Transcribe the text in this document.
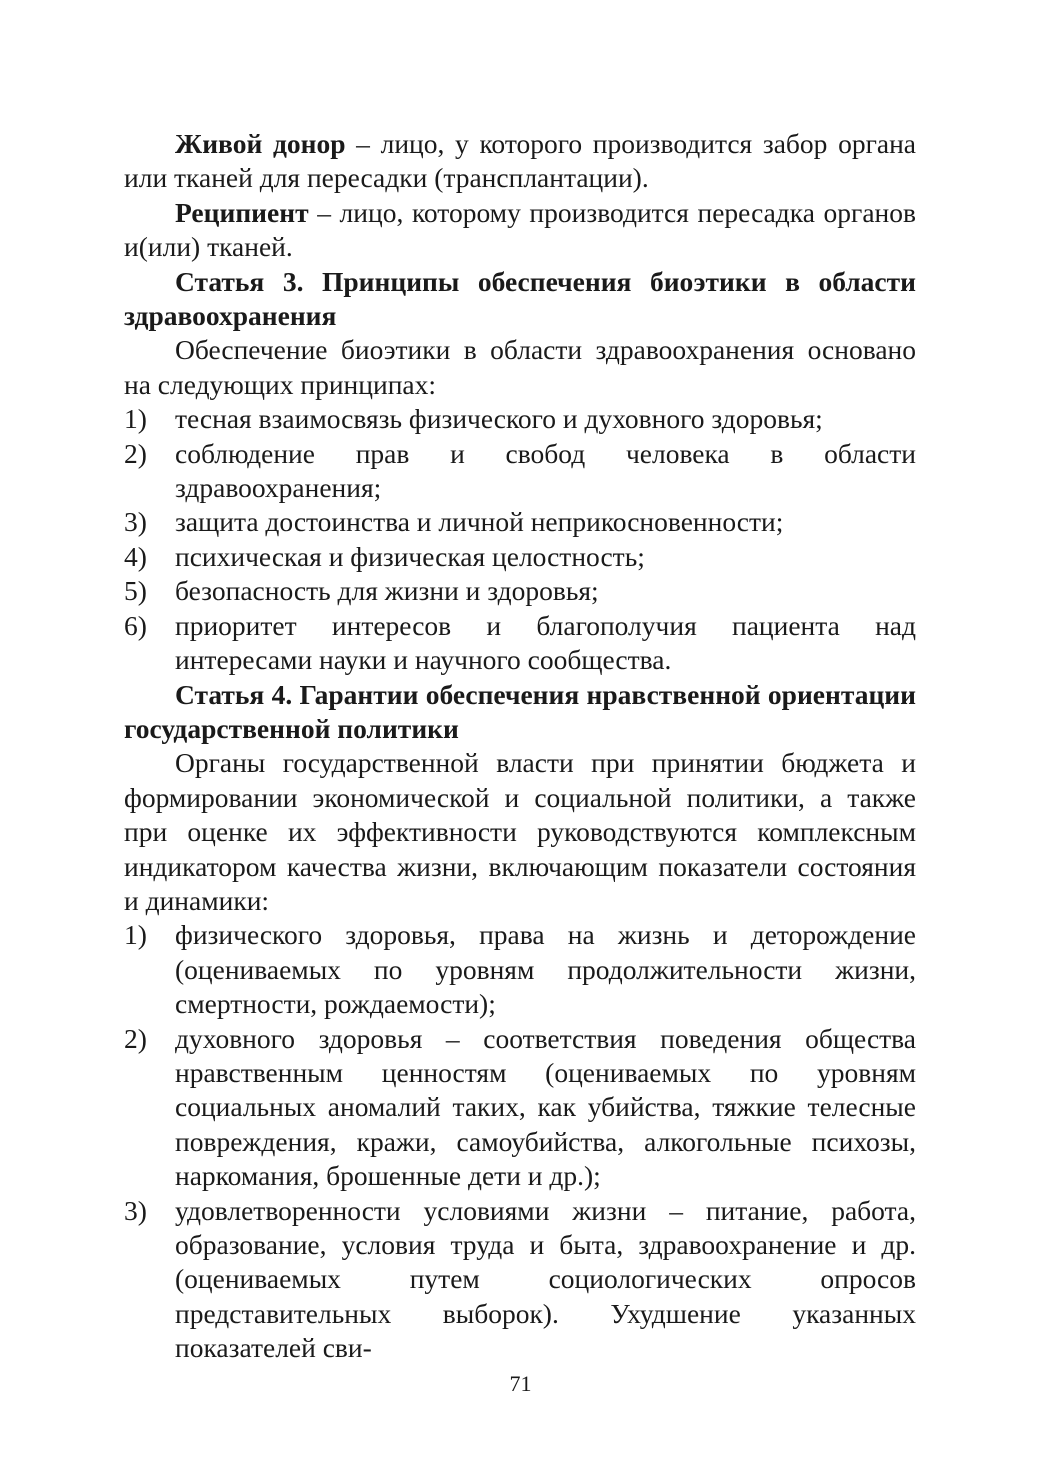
Живой донор – лицо, у которого производится забор органа или тканей для пересадки (трансплантации).

Реципиент – лицо, которому производится пересадка органов и(или) тканей.

Статья 3. Принципы обеспечения биоэтики в области здравоохранения

Обеспечение биоэтики в области здравоохранения основано на следующих принципах:

1) тесная взаимосвязь физического и духовного здоровья;
2) соблюдение прав и свобод человека в области здравоохранения;
3) защита достоинства и личной неприкосновенности;
4) психическая и физическая целостность;
5) безопасность для жизни и здоровья;
6) приоритет интересов и благополучия пациента над интересами науки и научного сообщества.

Статья 4. Гарантии обеспечения нравственной ориентации государственной политики

Органы государственной власти при принятии бюджета и формировании экономической и социальной политики, а также при оценке их эффективности руководствуются комплексным индикатором качества жизни, включающим показатели состояния и динамики:

1) физического здоровья, права на жизнь и деторождение (оцениваемых по уровням продолжительности жизни, смертности, рождаемости);
2) духовного здоровья – соответствия поведения общества нравственным ценностям (оцениваемых по уровням социальных аномалий таких, как убийства, тяжкие телесные повреждения, кражи, самоубийства, алкогольные психозы, наркомания, брошенные дети и др.);
3) удовлетворенности условиями жизни – питание, работа, образование, условия труда и быта, здравоохранение и др. (оцениваемых путем социологических опросов представительных выборок). Ухудшение указанных показателей сви-
71
